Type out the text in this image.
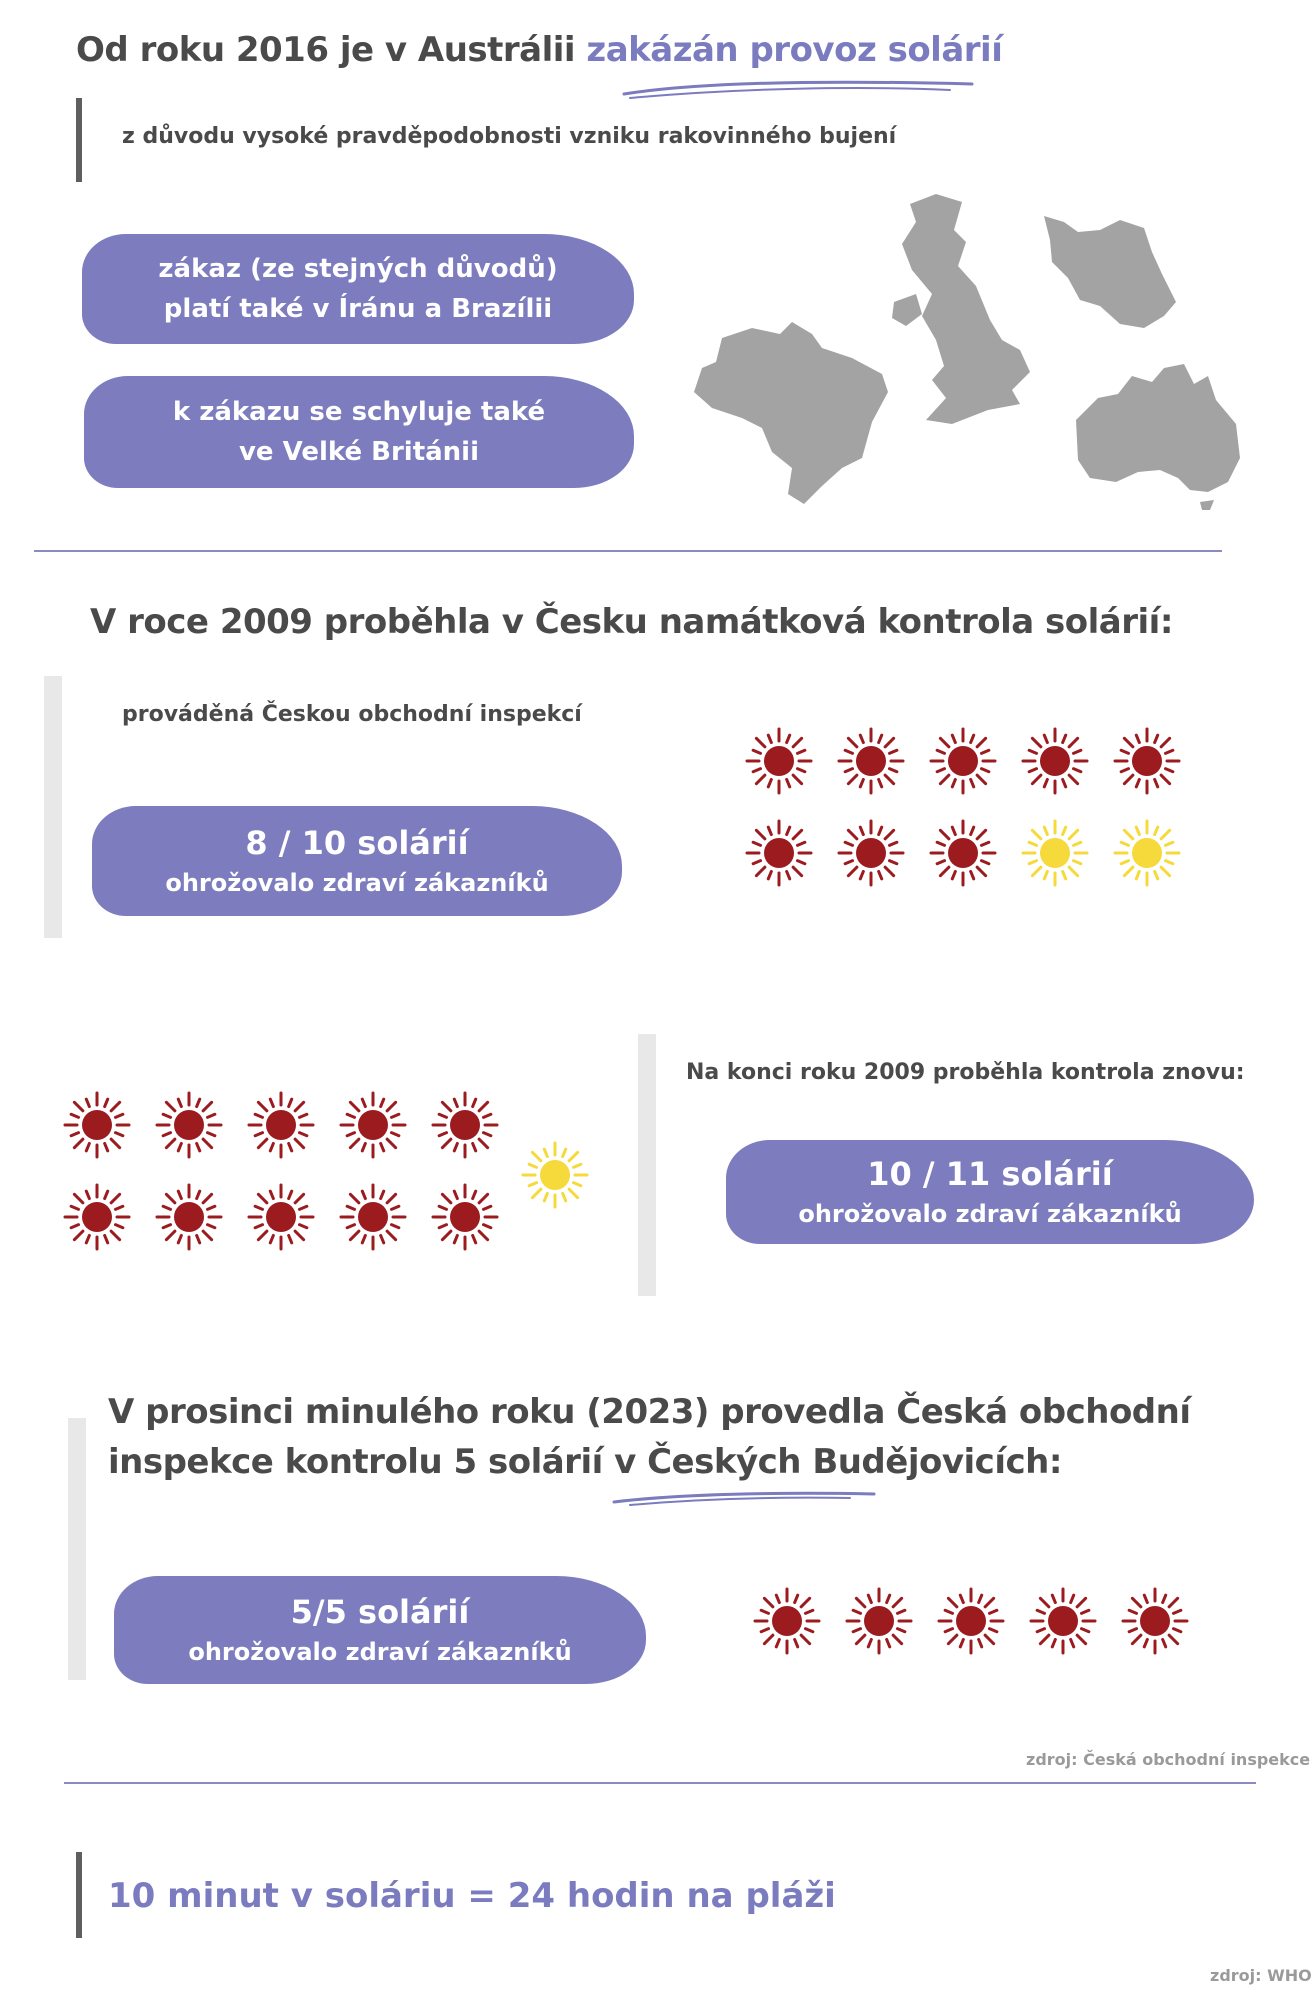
Od roku 2016 je v Austrálii zakázán provoz solárií
z důvodu vysoké pravděpodobnosti vzniku rakovinného bujení
zákaz (ze stejných důvodů)
platí také v Íránu a Brazílii
k zákazu se schyluje také
ve Velké Británii
V roce 2009 proběhla v Česku namátková kontrola solárií:
prováděná Českou obchodní inspekcí
8 / 10 solárií
ohrožovalo zdraví zákazníků
Na konci roku 2009 proběhla kontrola znovu:
10 / 11 solárií
ohrožovalo zdraví zákazníků
V prosinci minulého roku (2023) provedla Česká obchodní
inspekce kontrolu 5 solárií v Českých Budějovicích:
5/5 solárií
ohrožovalo zdraví zákazníků
zdroj: Česká obchodní inspekce
10 minut v soláriu = 24 hodin na pláži
zdroj: WHO
